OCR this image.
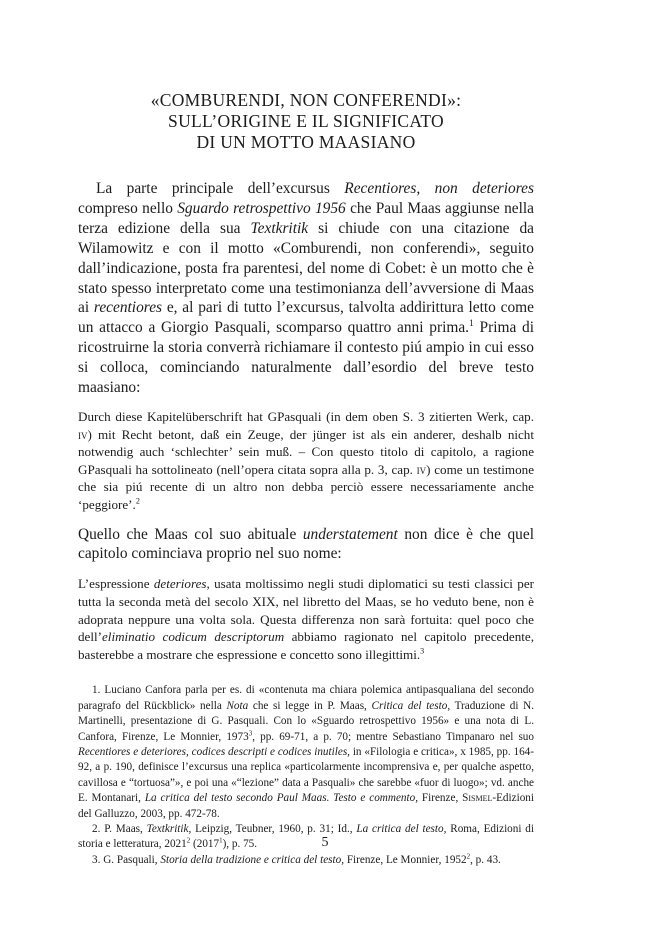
«COMBURENDI, NON CONFERENDI»:
SULL’ORIGINE E IL SIGNIFICATO
DI UN MOTTO MAASIANO

La parte principale dell’excursus Recentiores, non deteriores compreso nello Sguardo retrospettivo 1956 che Paul Maas aggiunse nella terza edizione della sua Textkritik si chiude con una citazione da Wilamowitz e con il motto «Comburendi, non conferendi», seguito dall’indicazione, posta fra parentesi, del nome di Cobet: è un motto che è stato spesso interpretato come una testimonianza dell’avversione di Maas ai recentiores e, al pari di tutto l’excursus, talvolta addirittura letto come un attacco a Giorgio Pasquali, scomparso quattro anni prima.$^1$ Prima di ricostruirne la storia converrà richiamare il contesto piú ampio in cui esso si colloca, cominciando naturalmente dall’esordio del breve testo maasiano:

Durch diese Kapitelüberschrift hat GPasquali (in dem oben S. 3 zitierten Werk, cap. iv) mit Recht betont, daß ein Zeuge, der jünger ist als ein anderer, deshalb nicht notwendig auch ‘schlechter’ sein muß. – Con questo titolo di capitolo, a ragione GPasquali ha sottolineato (nell’opera citata sopra alla p. 3, cap. iv) come un testimone che sia piú recente di un altro non debba perciò essere necessariamente anche ‘peggiore’.$^2$

Quello che Maas col suo abituale understatement non dice è che quel capitolo cominciava proprio nel suo nome:

L’espressione deteriores, usata moltissimo negli studi diplomatici su testi classici per tutta la seconda metà del secolo XIX, nel libretto del Maas, se ho veduto bene, non è adoprata neppure una volta sola. Questa differenza non sarà fortuita: quel poco che dell’eliminatio codicum descriptorum abbiamo ragionato nel capitolo precedente, basterebbe a mostrare che espressione e concetto sono illegittimi.$^3$

1. Luciano Canfora parla per es. di «contenuta ma chiara polemica antipasqualiana del secondo paragrafo del Rückblick» nella Nota che si legge in P. Maas, Critica del testo, Traduzione di N. Martinelli, presentazione di G. Pasquali. Con lo «Sguardo retrospettivo 1956» e una nota di L. Canfora, Firenze, Le Monnier, 1973$^3$, pp. 69-71, a p. 70; mentre Sebastiano Timpanaro nel suo Recentiores e deteriores, codices descripti e codices inutiles, in «Filologia e critica», x 1985, pp. 164-92, a p. 190, definisce l’excursus una replica «particolarmente incomprensiva e, per qualche aspetto, cavillosa e “tortuosa”», e poi una «“lezione” data a Pasquali» che sarebbe «fuor di luogo»; vd. anche E. Montanari, La critica del testo secondo Paul Maas. Testo e commento, Firenze, Sismel-Edizioni del Galluzzo, 2003, pp. 472-78.

2. P. Maas, Textkritik, Leipzig, Teubner, 1960, p. 31; Id., La critica del testo, Roma, Edizioni di storia e letteratura, 2021$^2$ (2017$^1$), p. 75.

3. G. Pasquali, Storia della tradizione e critica del testo, Firenze, Le Monnier, 1952$^2$, p. 43.

5
